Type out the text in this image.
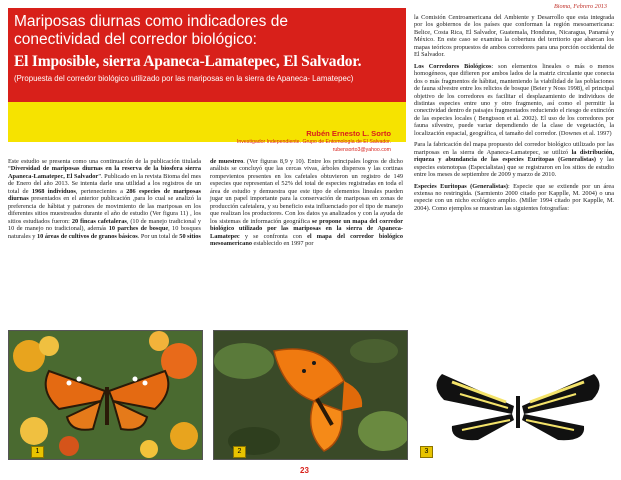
Mariposas diurnas como indicadores de
conectividad del corredor biológico:
El Imposible, sierra Apaneca-Lamatepec, El Salvador.
(Propuesta del corredor biológico utilizado por las mariposas en la sierra de Apaneca- Lamatepec)
Rubén Ernesto L. Sorto
Investigador Independiente. Grupo de Entomología de El Salvador.
rubensorto3@yahoo.com
Bioma, Febrero 2013

Este estudio se presenta como una continuación de la publicación titulada “Diversidad de mariposas diurnas en la reserva de la biosfera sierra Apaneca-Lamatepec, El Salvador”. Publicado en la revista Bioma del mes de Enero del año 2013. Se intenta darle una utilidad a los registros de un total de 1968 individuos, pertenecientes a 286 especies de mariposas diurnas presentados en el anterior publicación ,para lo cual se analizó la preferencia de hábitat y patrones de movimiento de las mariposas en los diferentes sitios muestreados durante el año de estudio (Ver figura 11) , los sitios estudiados fueron: 20 fincas cafetaleras, (10 de manejo tradicional y 10 de manejo no tradicional), además 10 parches de bosque, 10 bosques naturales y 10 áreas de cultivos de granos básicos. Por un total de 50 sitios

de muestreo. (Ver figuras 8,9 y 10). Entre los principales logros de dicho análisis se concluyó que las cercas vivas, árboles dispersos y las cortinas rompevientos presentes en los cafetales obtuvieron un registro de 149 especies que representan el 52% del total de especies registradas en toda el área de estudio y demuestra que este tipo de elementos lineales pueden jugar un papel importante para la conservación de mariposas en zonas de producción cafetalera, y su beneficio esta influenciado por el tipo de manejo que realizan los productores. Con los datos ya analizados y con la ayuda de los sistemas de información geográfica se propone un mapa del corredor biológico utilizado por las mariposas en la sierra de Apaneca-Lamatepec y se confronta con el mapa del corredor biológico mesoamericano establecido en 1997 por

la Comisión Centroamericana del Ambiente y Desarrollo que esta integrada por los gobiernos de los países que conforman la región mesoamericana: Belice, Costa Rica, El Salvador, Guatemala, Honduras, Nicaragua, Panamá y México. En este caso se examina la cobertura del territorio que abarcan los mapas teóricos propuestos de ambos corredores para una porción occidental de El Salvador.

Los Corredores Biológicos: son elementos lineales o más o menos homogéneos, que difieren por ambos lados de la matriz circulante que conecta dos o más fragmentos de hábitat, manteniendo la viabilidad de las poblaciones de fauna silvestre entre los relictos de bosque (Beier y Noss 1998), el principal objetivo de los corredores es facilitar el desplazamiento de individuos de distintas especies entre uno y otro fragmento, así como el permitir la conectividad dentro de paisajes fragmentados reduciendo el riesgo de extinción de las especies locales ( Bengtsson et al. 2002). El uso de los corredores por fauna silvestre, puede variar dependiendo de la clase de vegetación, la localización espacial, geográfica, el tamaño del corredor. (Downes et al. 1997)

Para la fabricación del mapa propuesto del corredor biológico utilizado por las mariposas en la sierra de Apaneca-Lamatepec, se utilizó la distribución, riqueza y abundancia de las especies Euritopas (Generalistas) y las especies estenotopas (Especialistas) que se registraron en los sitios de estudio entre los meses de septiembre de 2009 y marzo de 2010.

Especies Euritopas (Generalistas): Especie que se extiende por un área extensa no restringida. (Sarmiento 2000 citado por Kapplle, M. 2004) o una especie con un nicho ecológico amplio. (Miller 1994 citado por Kapplle, M. 2004). Como ejemplos se muestran las siguientes fotografías:

1	2	3
23
